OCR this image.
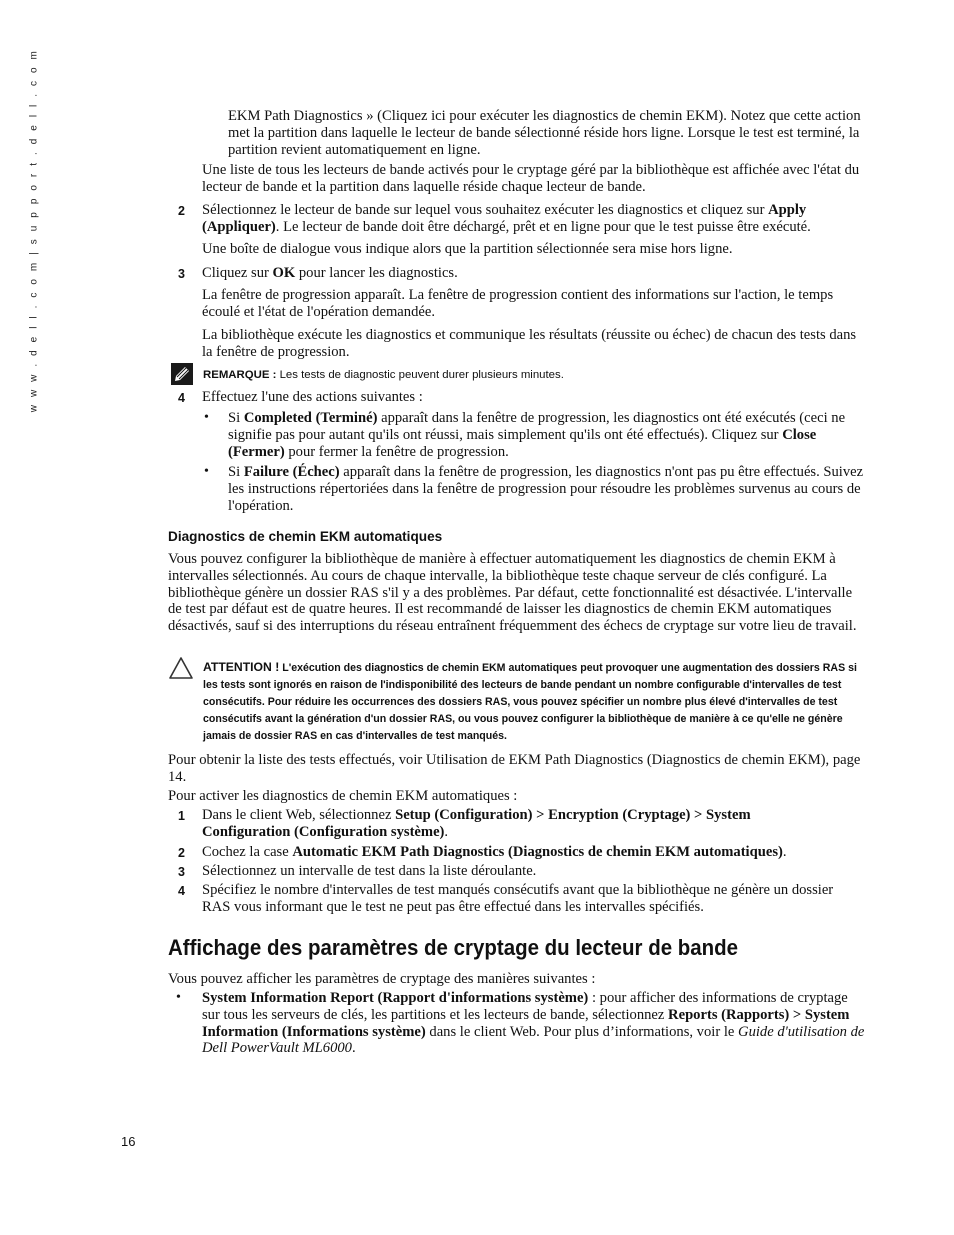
w w w . d e l l . c o m | s u p p o r t . d e l l . c o m	EKM Path Diagnostics » (Cliquez ici pour exécuter les diagnostics de chemin EKM). Notez que cette action met la partition dans laquelle le lecteur de bande sélectionné réside hors ligne. Lorsque le test est terminé, la partition revient automatiquement en ligne.

Une liste de tous les lecteurs de bande activés pour le cryptage géré par la bibliothèque est affichée avec l'état du lecteur de bande et la partition dans laquelle réside chaque lecteur de bande.

2	Sélectionnez le lecteur de bande sur lequel vous souhaitez exécuter les diagnostics et cliquez sur Apply (Appliquer). Le lecteur de bande doit être déchargé, prêt et en ligne pour que le test puisse être exécuté.

Une boîte de dialogue vous indique alors que la partition sélectionnée sera mise hors ligne.

3	Cliquez sur OK pour lancer les diagnostics.

La fenêtre de progression apparaît. La fenêtre de progression contient des informations sur l'action, le temps écoulé et l'état de l'opération demandée.

La bibliothèque exécute les diagnostics et communique les résultats (réussite ou échec) de chacun des tests dans la fenêtre de progression.

REMARQUE : Les tests de diagnostic peuvent durer plusieurs minutes.

4	Effectuez l'une des actions suivantes :

• Si Completed (Terminé) apparaît dans la fenêtre de progression, les diagnostics ont été exécutés (ceci ne signifie pas pour autant qu'ils ont réussi, mais simplement qu'ils ont été effectués). Cliquez sur Close (Fermer) pour fermer la fenêtre de progression.

• Si Failure (Échec) apparaît dans la fenêtre de progression, les diagnostics n'ont pas pu être effectués. Suivez les instructions répertoriées dans la fenêtre de progression pour résoudre les problèmes survenus au cours de l'opération.

Diagnostics de chemin EKM automatiques

Vous pouvez configurer la bibliothèque de manière à effectuer automatiquement les diagnostics de chemin EKM à intervalles sélectionnés. Au cours de chaque intervalle, la bibliothèque teste chaque serveur de clés configuré. La bibliothèque génère un dossier RAS s'il y a des problèmes. Par défaut, cette fonctionnalité est désactivée. L'intervalle de test par défaut est de quatre heures. Il est recommandé de laisser les diagnostics de chemin EKM automatiques désactivés, sauf si des interruptions du réseau entraînent fréquemment des échecs de cryptage sur votre lieu de travail.

ATTENTION ! L'exécution des diagnostics de chemin EKM automatiques peut provoquer une augmentation des dossiers RAS si les tests sont ignorés en raison de l'indisponibilité des lecteurs de bande pendant un nombre configurable d'intervalles de test consécutifs. Pour réduire les occurrences des dossiers RAS, vous pouvez spécifier un nombre plus élevé d'intervalles de test consécutifs avant la génération d'un dossier RAS, ou vous pouvez configurer la bibliothèque de manière à ce qu'elle ne génère jamais de dossier RAS en cas d'intervalles de test manqués.

Pour obtenir la liste des tests effectués, voir Utilisation de EKM Path Diagnostics (Diagnostics de chemin EKM), page 14.

Pour activer les diagnostics de chemin EKM automatiques :

1	Dans le client Web, sélectionnez Setup (Configuration) > Encryption (Cryptage) > System Configuration (Configuration système).

2	Cochez la case Automatic EKM Path Diagnostics (Diagnostics de chemin EKM automatiques).

3	Sélectionnez un intervalle de test dans la liste déroulante.

4	Spécifiez le nombre d'intervalles de test manqués consécutifs avant que la bibliothèque ne génère un dossier RAS vous informant que le test ne peut pas être effectué dans les intervalles spécifiés.

Affichage des paramètres de cryptage du lecteur de bande

Vous pouvez afficher les paramètres de cryptage des manières suivantes :

• System Information Report (Rapport d'informations système) : pour afficher des informations de cryptage sur tous les serveurs de clés, les partitions et les lecteurs de bande, sélectionnez Reports (Rapports) > System Information (Informations système) dans le client Web. Pour plus d’informations, voir le Guide d'utilisation de Dell PowerVault ML6000.

16
